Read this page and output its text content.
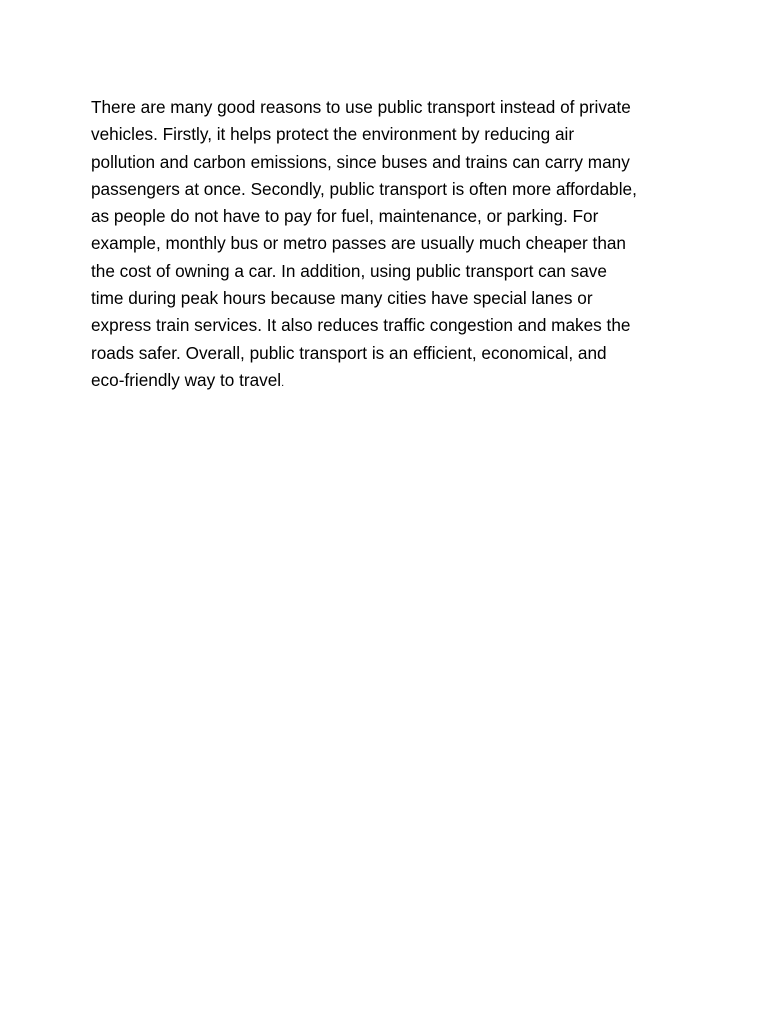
There are many good reasons to use public transport instead of private
vehicles. Firstly, it helps protect the environment by reducing air
pollution and carbon emissions, since buses and trains can carry many
passengers at once. Secondly, public transport is often more affordable,
as people do not have to pay for fuel, maintenance, or parking. For
example, monthly bus or metro passes are usually much cheaper than
the cost of owning a car. In addition, using public transport can save
time during peak hours because many cities have special lanes or
express train services. It also reduces traffic congestion and makes the
roads safer. Overall, public transport is an efficient, economical, and
eco-friendly way to travel.
